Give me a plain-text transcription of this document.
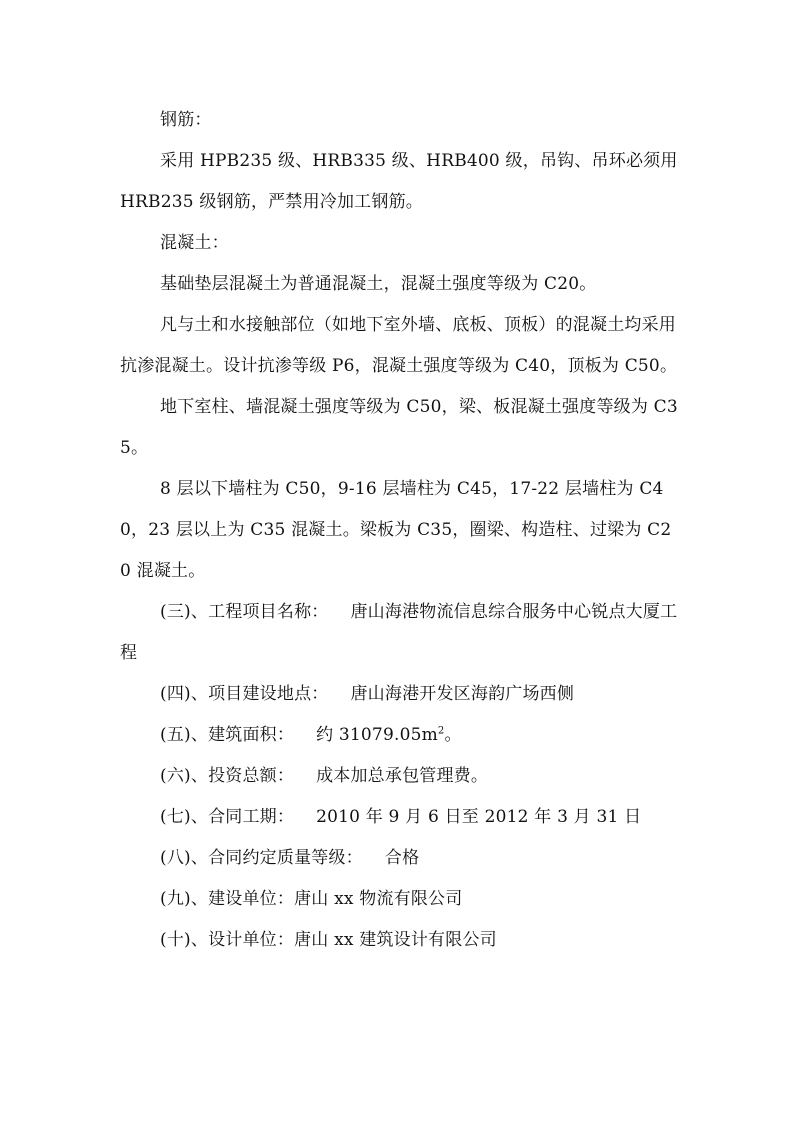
钢筋：

采用 HPB235 级、HRB335 级、HRB400 级，吊钩、吊环必须用 HRB235 级钢筋，严禁用冷加工钢筋。

混凝土：

基础垫层混凝土为普通混凝土，混凝土强度等级为 C20。

凡与土和水接触部位（如地下室外墙、底板、顶板）的混凝土均采用抗渗混凝土。设计抗渗等级 P6，混凝土强度等级为 C40，顶板为 C50。

地下室柱、墙混凝土强度等级为 C50，梁、板混凝土强度等级为 C35。

8 层以下墙柱为 C50，9-16 层墙柱为 C45，17-22 层墙柱为 C40，23 层以上为 C35 混凝土。梁板为 C35，圈梁、构造柱、过梁为 C20 混凝土。

(三)、工程项目名称： 唐山海港物流信息综合服务中心锐点大厦工程

(四)、项目建设地点： 唐山海港开发区海韵广场西侧

(五)、建筑面积： 约 $31079.05m^2$。

(六)、投资总额： 成本加总承包管理费。

(七)、合同工期： 2010 年 9 月 6 日至 2012 年 3 月 31 日

(八)、合同约定质量等级： 合格

(九)、建设单位：唐山 xx 物流有限公司

(十)、设计单位：唐山 xx 建筑设计有限公司
